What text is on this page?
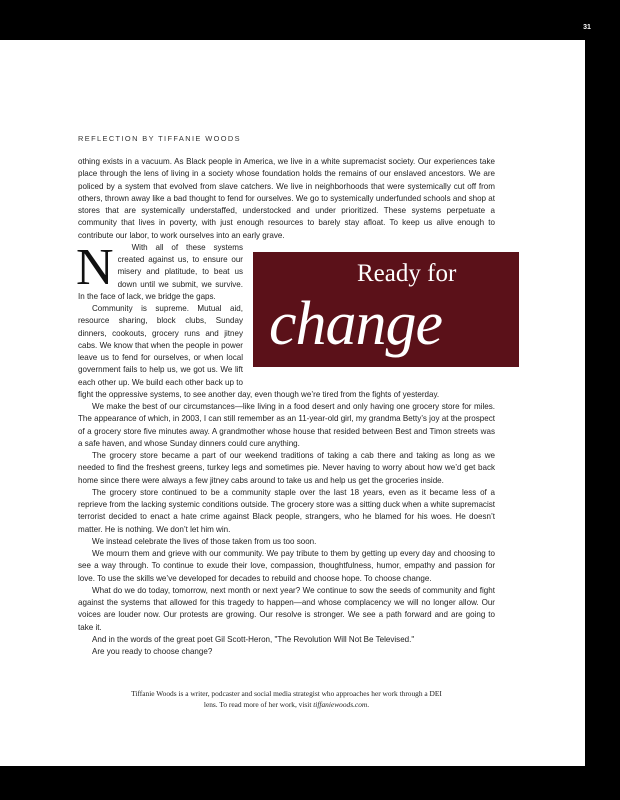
31
REFLECTION BY TIFFANIE WOODS

N
othing exists in a vacuum. As Black people in America, we live in a white supremacist society. Our experiences take place through the lens of living in a society whose foundation holds the remains of our enslaved ancestors. We are policed by a system that evolved from slave catchers. We live in neighborhoods that were systemically cut off from others, thrown away like a bad thought to fend for ourselves. We go to systemically underfunded schools and shop at stores that are systemically understaffed, understocked and under prioritized. These systems perpetuate a community that lives in poverty, with just enough resources to barely stay afloat. To keep us alive enough to contribute our labor, to work ourselves into an early grave.

With all of these systems created against us, to ensure our misery and platitude, to beat us down until we submit, we survive. In the face of lack, we bridge the gaps.

Community is supreme. Mutual aid, resource sharing, block clubs, Sunday dinners, cookouts, grocery runs and jitney cabs. We know that when the people in power leave us to fend for ourselves, or when local government fails to help us, we got us. We lift each other up. We build each other back up to fight the oppressive systems, to see another day, even though we’re tired from the fights of yesterday.

We make the best of our circumstances—like living in a food desert and only having one grocery store for miles. The appearance of which, in 2003, I can still remember as an 11-year-old girl, my grandma Betty’s joy at the prospect of a grocery store five minutes away. A grandmother whose house that resided between Best and Timon streets was a safe haven, and whose Sunday dinners could cure anything.

The grocery store became a part of our weekend traditions of taking a cab there and taking as long as we needed to find the freshest greens, turkey legs and sometimes pie. Never having to worry about how we’d get back home since there were always a few jitney cabs around to take us and help us get the groceries inside.

The grocery store continued to be a community staple over the last 18 years, even as it became less of a reprieve from the lacking systemic conditions outside. The grocery store was a sitting duck when a white supremacist terrorist decided to enact a hate crime against Black people, strangers, who he blamed for his woes. He doesn’t matter. He is nothing. We don’t let him win.

We instead celebrate the lives of those taken from us too soon.

We mourn them and grieve with our community. We pay tribute to them by getting up every day and choosing to see a way through. To continue to exude their love, compassion, thoughtfulness, humor, empathy and passion for love. To use the skills we’ve developed for decades to rebuild and choose hope. To choose change.

What do we do today, tomorrow, next month or next year? We continue to sow the seeds of community and fight against the systems that allowed for this tragedy to happen—and whose complacency we will no longer allow. Our voices are louder now. Our protests are growing. Our resolve is stronger. We see a path forward and are going to take it.

And in the words of the great poet Gil Scott-Heron, "The Revolution Will Not Be Televised."

Are you ready to choose change?

Tiffanie Woods is a writer, podcaster and social media strategist who approaches her work through a DEI lens. To read more of her work, visit tiffaniewoods.com.
Ready for
change
